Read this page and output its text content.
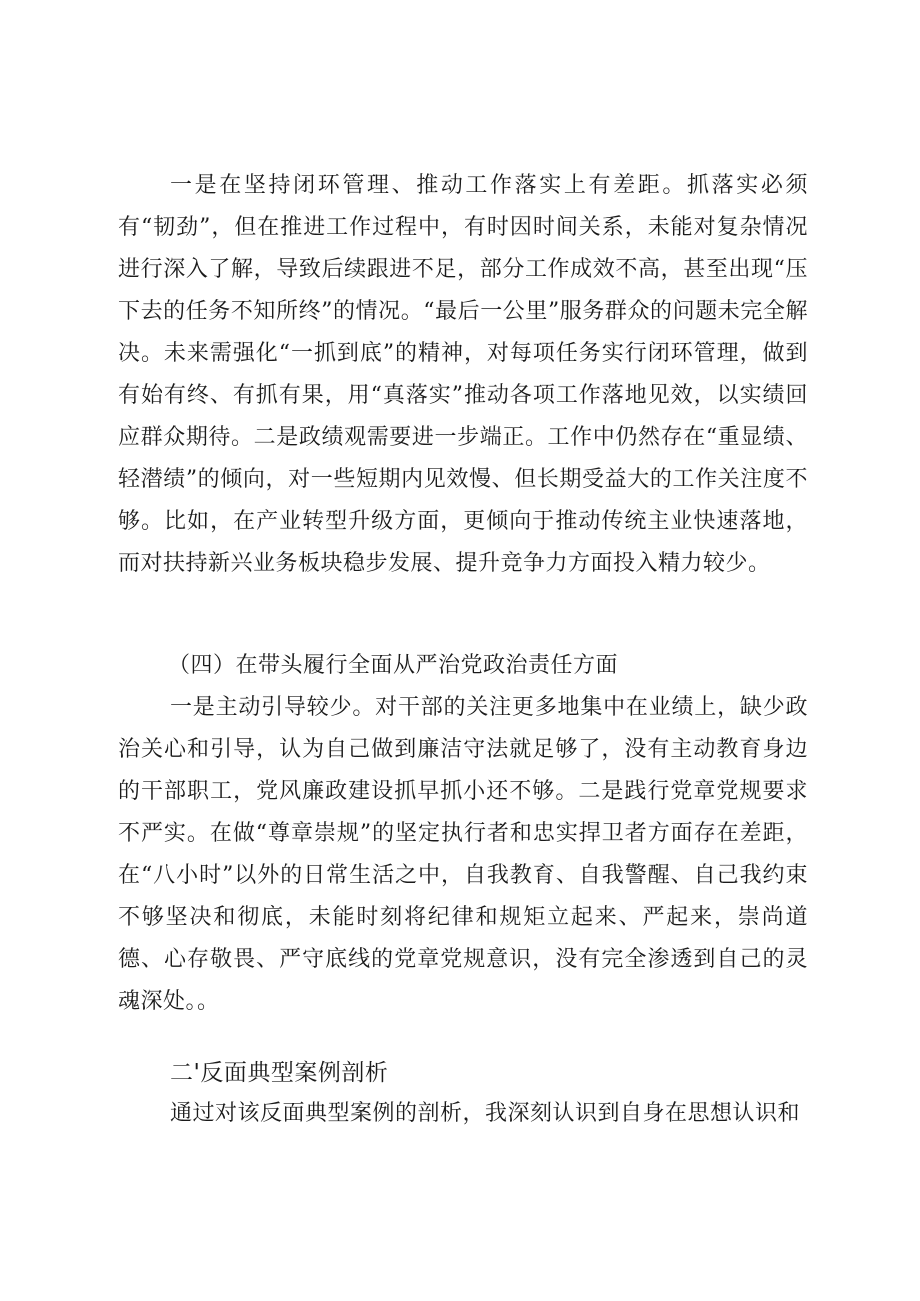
一是在坚持闭环管理、推动工作落实上有差距。抓落实必须有“韧劲”，但在推进工作过程中，有时因时间关系，未能对复杂情况进行深入了解，导致后续跟进不足，部分工作成效不高，甚至出现“压下去的任务不知所终”的情况。“最后一公里”服务群众的问题未完全解决。未来需强化“一抓到底”的精神，对每项任务实行闭环管理，做到有始有终、有抓有果，用“真落实”推动各项工作落地见效，以实绩回应群众期待。二是政绩观需要进一步端正。工作中仍然存在“重显绩、轻潜绩”的倾向，对一些短期内见效慢、但长期受益大的工作关注度不够。比如，在产业转型升级方面，更倾向于推动传统主业快速落地，而对扶持新兴业务板块稳步发展、提升竞争力方面投入精力较少。

（四）在带头履行全面从严治党政治责任方面

一是主动引导较少。对干部的关注更多地集中在业绩上，缺少政治关心和引导，认为自己做到廉洁守法就足够了，没有主动教育身边的干部职工，党风廉政建设抓早抓小还不够。二是践行党章党规要求不严实。在做“尊章崇规”的坚定执行者和忠实捍卫者方面存在差距，在“八小时”以外的日常生活之中，自我教育、自我警醒、自己我约束不够坚决和彻底，未能时刻将纪律和规矩立起来、严起来，崇尚道德、心存敬畏、严守底线的党章党规意识，没有完全渗透到自己的灵魂深处。。

二'反面典型案例剖析

通过对该反面典型案例的剖析，我深刻认识到自身在思想认识和
